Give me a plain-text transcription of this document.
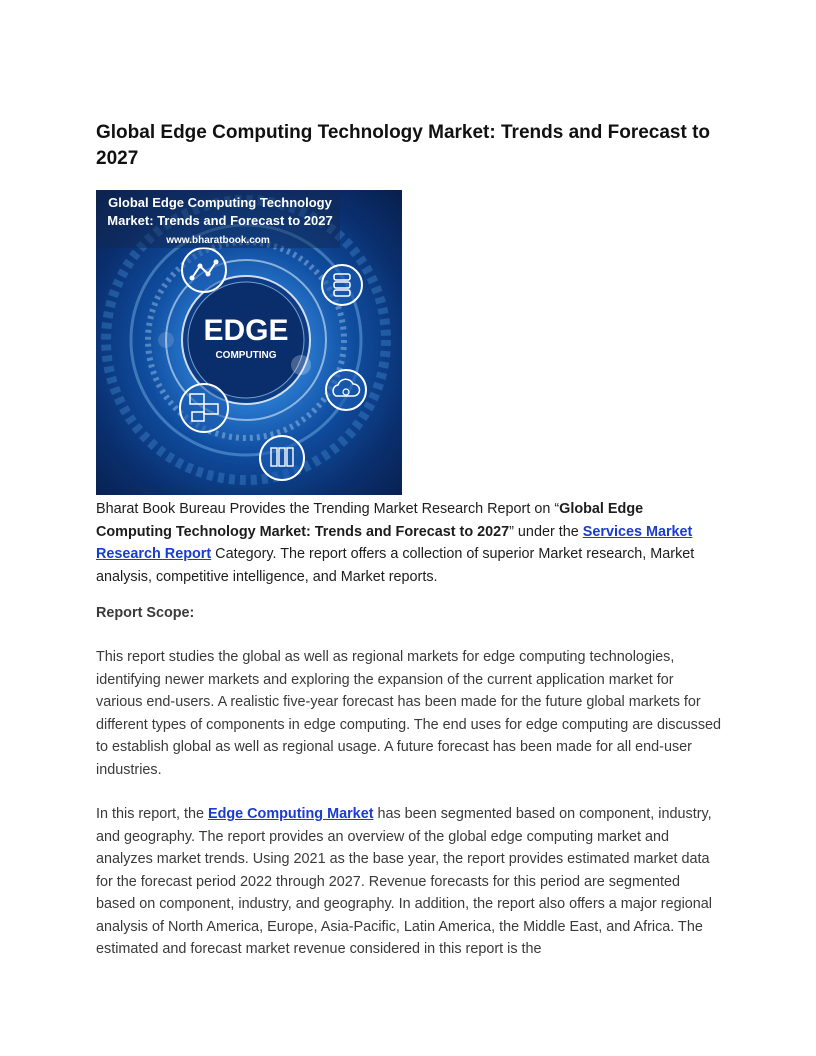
Global Edge Computing Technology Market: Trends and Forecast to 2027
EDGE
COMPUTING
Global Edge Computing Technology Market: Trends and Forecast to 2027
www.bharatbook.com

Bharat Book Bureau Provides the Trending Market Research Report on “Global Edge Computing Technology Market: Trends and Forecast to 2027” under the Services Market Research Report Category. The report offers a collection of superior Market research, Market analysis, competitive intelligence, and Market reports.

Report Scope:

This report studies the global as well as regional markets for edge computing technologies, identifying newer markets and exploring the expansion of the current application market for various end-users. A realistic five-year forecast has been made for the future global markets for different types of components in edge computing. The end uses for edge computing are discussed to establish global as well as regional usage. A future forecast has been made for all end-user industries.

In this report, the Edge Computing Market has been segmented based on component, industry, and geography. The report provides an overview of the global edge computing market and analyzes market trends. Using 2021 as the base year, the report provides estimated market data for the forecast period 2022 through 2027. Revenue forecasts for this period are segmented based on component, industry, and geography. In addition, the report also offers a major regional analysis of North America, Europe, Asia-Pacific, Latin America, the Middle East, and Africa. The estimated and forecast market revenue considered in this report is the
